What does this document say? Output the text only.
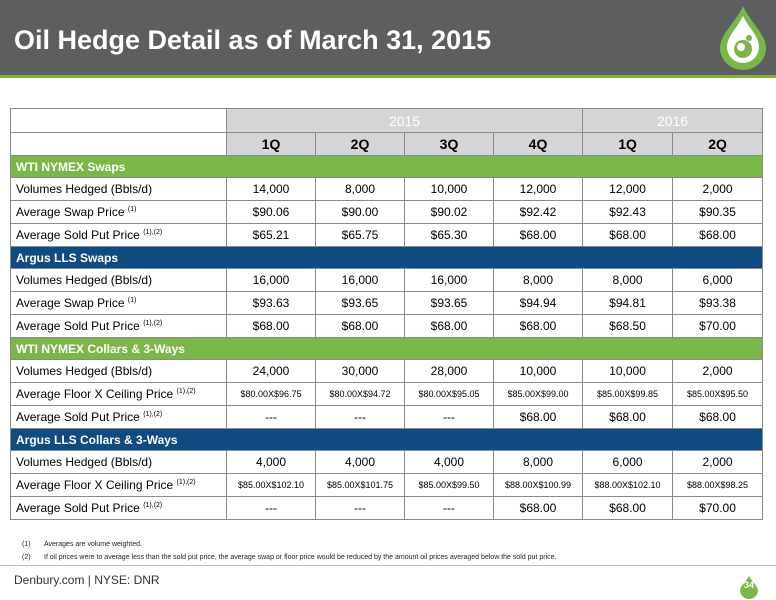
Oil Hedge Detail as of March 31, 2015
	2015				2016	
	1Q	2Q	3Q	4Q	1Q	2Q
WTI NYMEX Swaps						
Volumes Hedged (Bbls/d)	14,000	8,000	10,000	12,000	12,000	2,000
Average Swap Price $^{(1)}$	$90.06	$90.00	$90.02	$92.42	$92.43	$90.35
Average Sold Put Price $^{(1),(2)}$	$65.21	$65.75	$65.30	$68.00	$68.00	$68.00
Argus LLS Swaps						
Volumes Hedged (Bbls/d)	16,000	16,000	16,000	8,000	8,000	6,000
Average Swap Price $^{(1)}$	$93.63	$93.65	$93.65	$94.94	$94.81	$93.38
Average Sold Put Price $^{(1),(2)}$	$68.00	$68.00	$68.00	$68.00	$68.50	$70.00
WTI NYMEX Collars & 3-Ways						
Volumes Hedged (Bbls/d)	24,000	30,000	28,000	10,000	10,000	2,000
Average Floor X Ceiling Price $^{(1),(2)}$	$80.00X$96.75	$80.00X$94.72	$80.00X$95.05	$85.00X$99.00	$85.00X$99.85	$85.00X$95.50
Average Sold Put Price $^{(1),(2)}$	---	---	---	$68.00	$68.00	$68.00
Argus LLS Collars & 3-Ways						
Volumes Hedged (Bbls/d)	4,000	4,000	4,000	8,000	6,000	2,000
Average Floor X Ceiling Price $^{(1),(2)}$	$85.00X$102.10	$85.00X$101.75	$85.00X$99.50	$88.00X$100.99	$88.00X$102.10	$88.00X$98.25
Average Sold Put Price $^{(1),(2)}$	---	---	---	$68.00	$68.00	$70.00
(1) Averages are volume weighted.
(2) If oil prices were to average less than the sold put price, the average swap or floor price would be reduced by the amount oil prices averaged below the sold put price.
Denbury.com | NYSE: DNR	34
